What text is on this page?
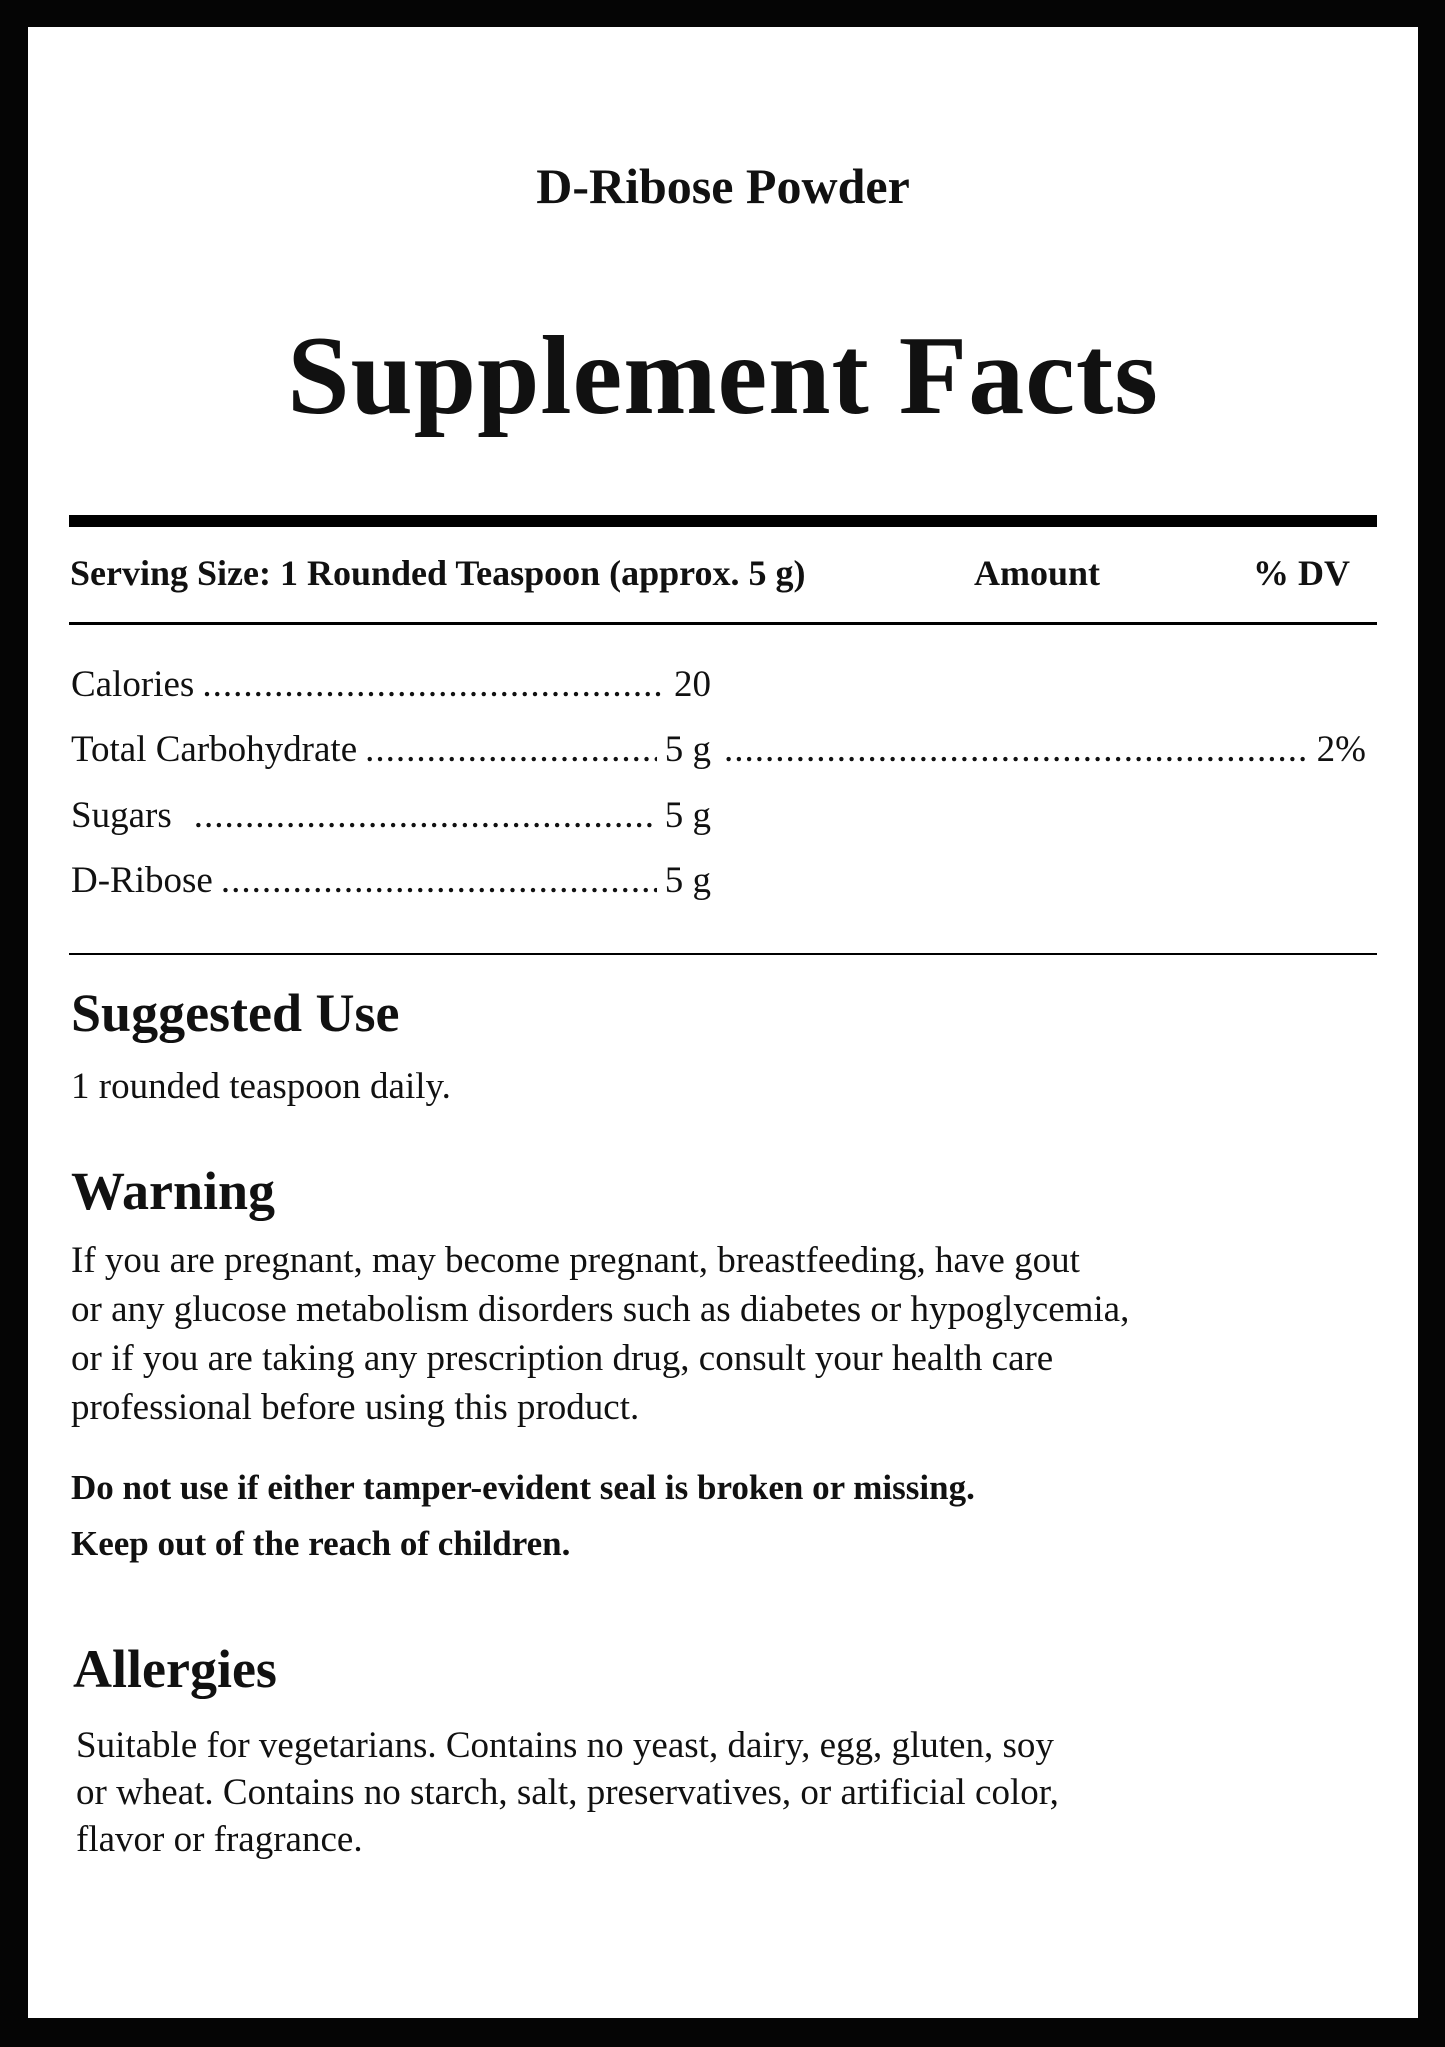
D-Ribose Powder
Supplement Facts
Serving Size: 1 Rounded Teaspoon (approx. 5 g)	Amount	% DV
Calories .....	20
Total Carbohydrate .....	5 g .....	2%
Sugars .....	5 g
D-Ribose .....	5 g
Suggested Use
1 rounded teaspoon daily.
Warning
If you are pregnant, may become pregnant, breastfeeding, have gout
or any glucose metabolism disorders such as diabetes or hypoglycemia,
or if you are taking any prescription drug, consult your health care
professional before using this product.
Do not use if either tamper-evident seal is broken or missing.
Keep out of the reach of children.
Allergies
Suitable for vegetarians. Contains no yeast, dairy, egg, gluten, soy
or wheat. Contains no starch, salt, preservatives, or artificial color,
flavor or fragrance.
